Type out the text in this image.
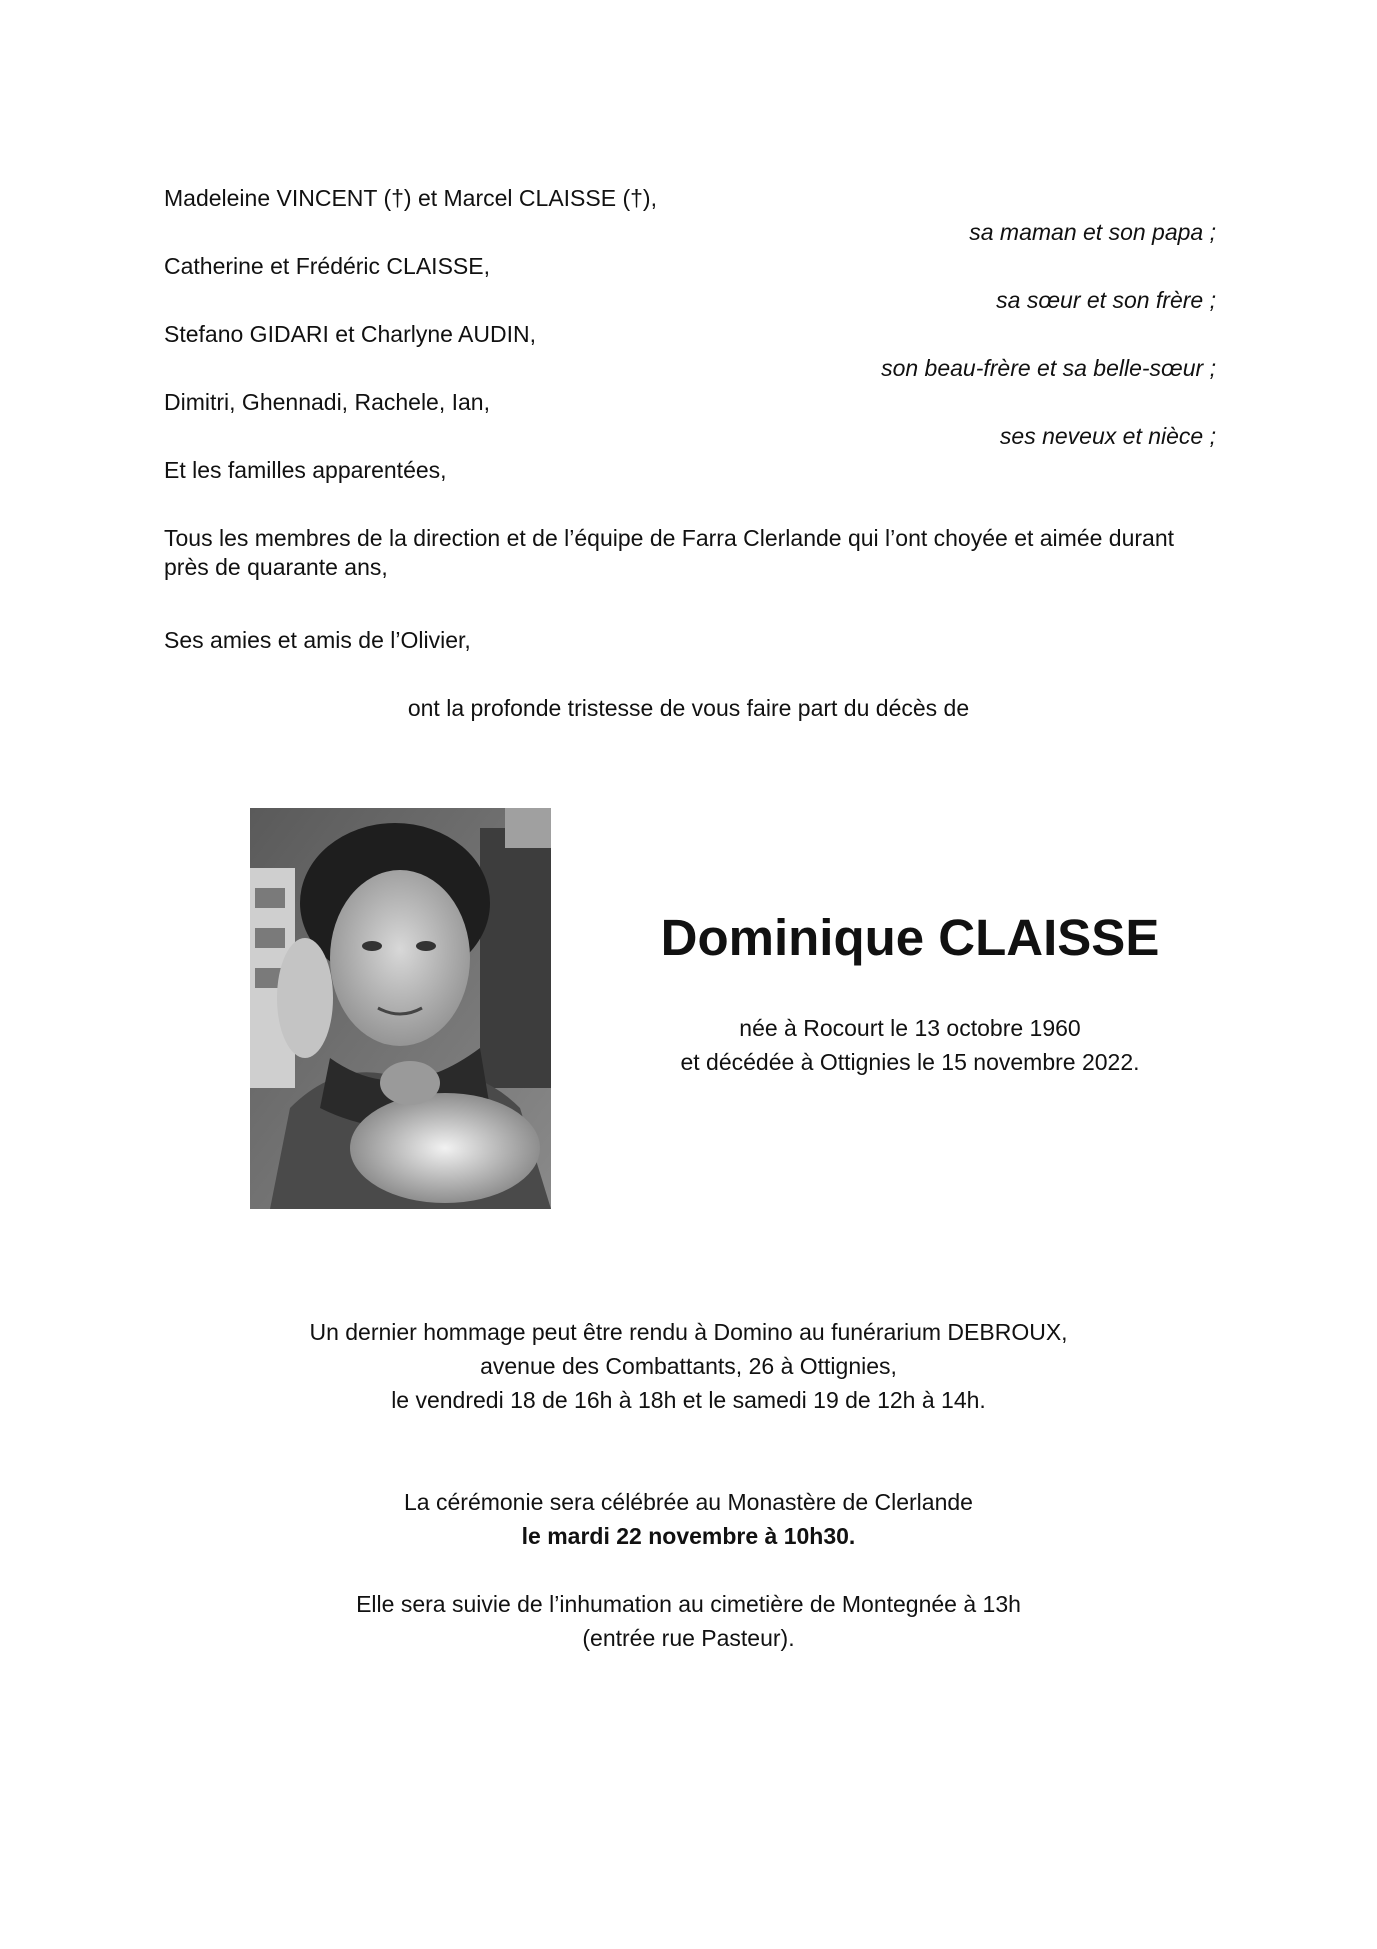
Madeleine VINCENT (†) et Marcel CLAISSE (†),
sa maman et son papa ;
Catherine et Frédéric CLAISSE,
sa sœur et son frère ;
Stefano GIDARI et Charlyne AUDIN,
son beau-frère et sa belle-sœur ;
Dimitri, Ghennadi, Rachele, Ian,
ses neveux et nièce ;
Et les familles apparentées,
Tous les membres de la direction et de l’équipe de Farra Clerlande qui l’ont choyée et aimée durant près de quarante ans,
Ses amies et amis de l’Olivier,
ont la profonde tristesse de vous faire part du décès de
Dominique CLAISSE
née à Rocourt le 13 octobre 1960
et décédée à Ottignies le 15 novembre 2022.
Un dernier hommage peut être rendu à Domino au funérarium DEBROUX,
avenue des Combattants, 26 à Ottignies,
le vendredi 18 de 16h à 18h et le samedi 19 de 12h à 14h.
La cérémonie sera célébrée au Monastère de Clerlande
le mardi 22 novembre à 10h30.
Elle sera suivie de l’inhumation au cimetière de Montegnée à 13h
(entrée rue Pasteur).
